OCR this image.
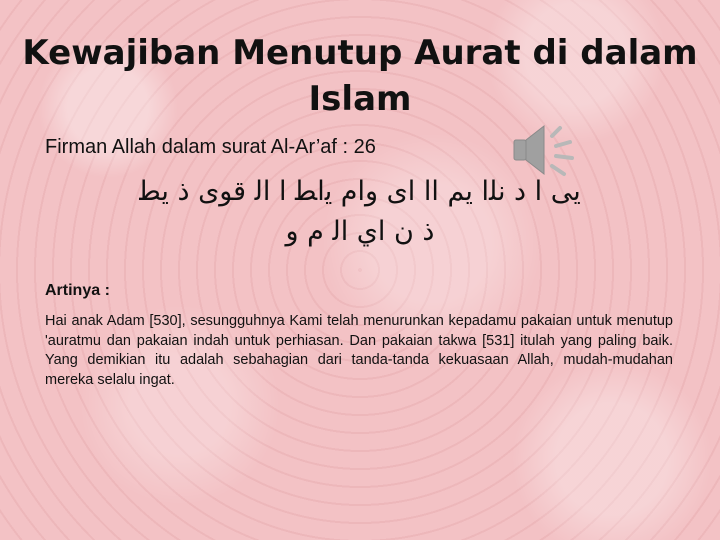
Kewajiban Menutup Aurat di dalam Islam
Firman Allah dalam surat Al-Ar’af : 26
ﻳﻰ ﺍ ﺩ ﻧﻠﺍ ﻳﻢ ﺍﺍ ﺍﻯ ﻭﺍﻡ ﻳﺍﻄ ﺍ ﺍﻟ ﻗﻮﻯ ﺫ ﻳﻄ
ﺫ ﻥ ﺍﻱ ﺍﻟ ﻡ ﻭ
Artinya :
Hai anak Adam [530], sesungguhnya Kami telah menurunkan kepadamu pakaian untuk menutup 'auratmu dan pakaian indah untuk perhiasan. Dan pakaian takwa [531] itulah yang paling baik. Yang demikian itu adalah sebahagian dari tanda-tanda kekuasaan Allah, mudah-mudahan mereka selalu ingat.
